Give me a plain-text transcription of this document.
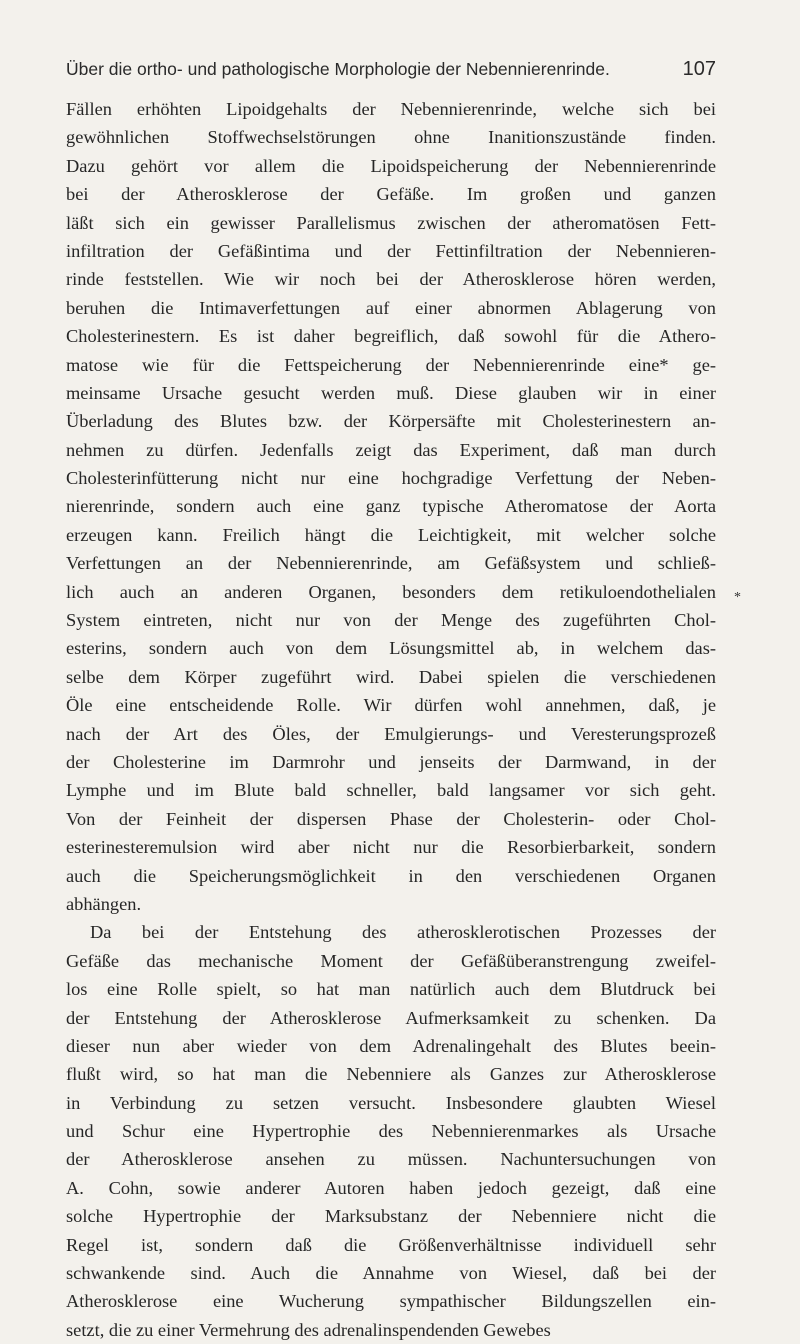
Über die ortho- und pathologische Morphologie der Nebennierenrinde.	107
*
Fällen erhöhten Lipoidgehalts der Nebennierenrinde, welche sich bei
gewöhnlichen Stoffwechselstörungen ohne Inanitionszustände finden.
Dazu gehört vor allem die Lipoidspeicherung der Nebennierenrinde
bei der Atherosklerose der Gefäße. Im großen und ganzen
läßt sich ein gewisser Parallelismus zwischen der atheromatösen Fett-
infiltration der Gefäßintima und der Fettinfiltration der Nebennieren-
rinde feststellen. Wie wir noch bei der Atherosklerose hören werden,
beruhen die Intimaverfettungen auf einer abnormen Ablagerung von
Cholesterinestern. Es ist daher begreiflich, daß sowohl für die Athero-
matose wie für die Fettspeicherung der Nebennierenrinde eine* ge-
meinsame Ursache gesucht werden muß. Diese glauben wir in einer
Überladung des Blutes bzw. der Körpersäfte mit Cholesterinestern an-
nehmen zu dürfen. Jedenfalls zeigt das Experiment, daß man durch
Cholesterinfütterung nicht nur eine hochgradige Verfettung der Neben-
nierenrinde, sondern auch eine ganz typische Atheromatose der Aorta
erzeugen kann. Freilich hängt die Leichtigkeit, mit welcher solche
Verfettungen an der Nebennierenrinde, am Gefäßsystem und schließ-
lich auch an anderen Organen, besonders dem retikuloendothelialen
System eintreten, nicht nur von der Menge des zugeführten Chol-
esterins, sondern auch von dem Lösungsmittel ab, in welchem das-
selbe dem Körper zugeführt wird. Dabei spielen die verschiedenen
Öle eine entscheidende Rolle. Wir dürfen wohl annehmen, daß, je
nach der Art des Öles, der Emulgierungs- und Veresterungsprozeß
der Cholesterine im Darmrohr und jenseits der Darmwand, in der
Lymphe und im Blute bald schneller, bald langsamer vor sich geht.
Von der Feinheit der dispersen Phase der Cholesterin- oder Chol-
esterinesteremulsion wird aber nicht nur die Resorbierbarkeit, sondern
auch die Speicherungsmöglichkeit in den verschiedenen Organen
abhängen.
Da bei der Entstehung des atherosklerotischen Prozesses der
Gefäße das mechanische Moment der Gefäßüberanstrengung zweifel-
los eine Rolle spielt, so hat man natürlich auch dem Blutdruck bei
der Entstehung der Atherosklerose Aufmerksamkeit zu schenken. Da
dieser nun aber wieder von dem Adrenalingehalt des Blutes beein-
flußt wird, so hat man die Nebenniere als Ganzes zur Atherosklerose
in Verbindung zu setzen versucht. Insbesondere glaubten Wiesel
und Schur eine Hypertrophie des Nebennierenmarkes als Ursache
der Atherosklerose ansehen zu müssen. Nachuntersuchungen von
A. Cohn, sowie anderer Autoren haben jedoch gezeigt, daß eine
solche Hypertrophie der Marksubstanz der Nebenniere nicht die
Regel ist, sondern daß die Größenverhältnisse individuell sehr
schwankende sind. Auch die Annahme von Wiesel, daß bei der
Atherosklerose eine Wucherung sympathischer Bildungszellen ein-
setzt, die zu einer Vermehrung des adrenalinspendenden Gewebes
